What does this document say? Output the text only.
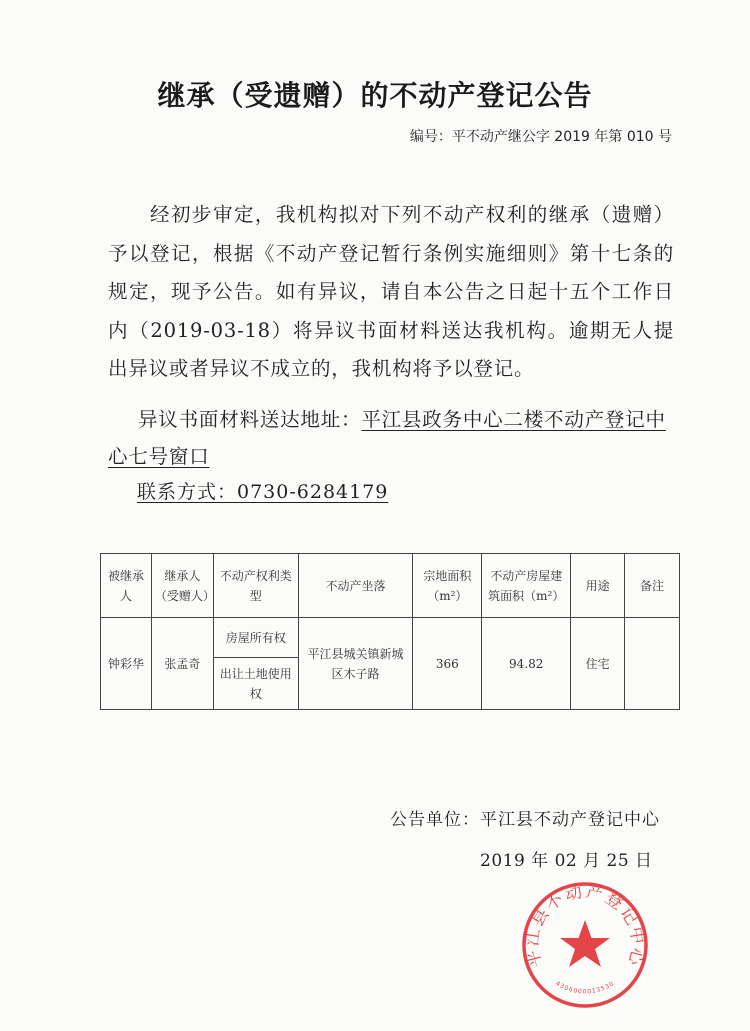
继承（受遗赠）的不动产登记公告
编号：平不动产继公字 2019 年第 010 号

经初步审定，我机构拟对下列不动产权利的继承（遗赠）予以登记，根据《不动产登记暂行条例实施细则》第十七条的规定，现予公告。如有异议，请自本公告之日起十五个工作日内（2019-03-18）将异议书面材料送达我机构。逾期无人提出异议或者异议不成立的，我机构将予以登记。

异议书面材料送达地址：平江县政务中心二楼不动产登记中心七号窗口
联系方式：0730-6284179
被继承人	继承人（受赠人）	不动产权利类　型	不动产坐落	宗地面积（m²）	不动产房屋建筑面积（m²）	用途	备注
钟彩华	张孟奇	房屋所有权	平江县城关镇新城区木子路	366	94.82	住宅	
		出让土地使用权					
公告单位：平江县不动产登记中心
2019 年 02 月 25 日
平江县不动产登记中心
4306000013530
